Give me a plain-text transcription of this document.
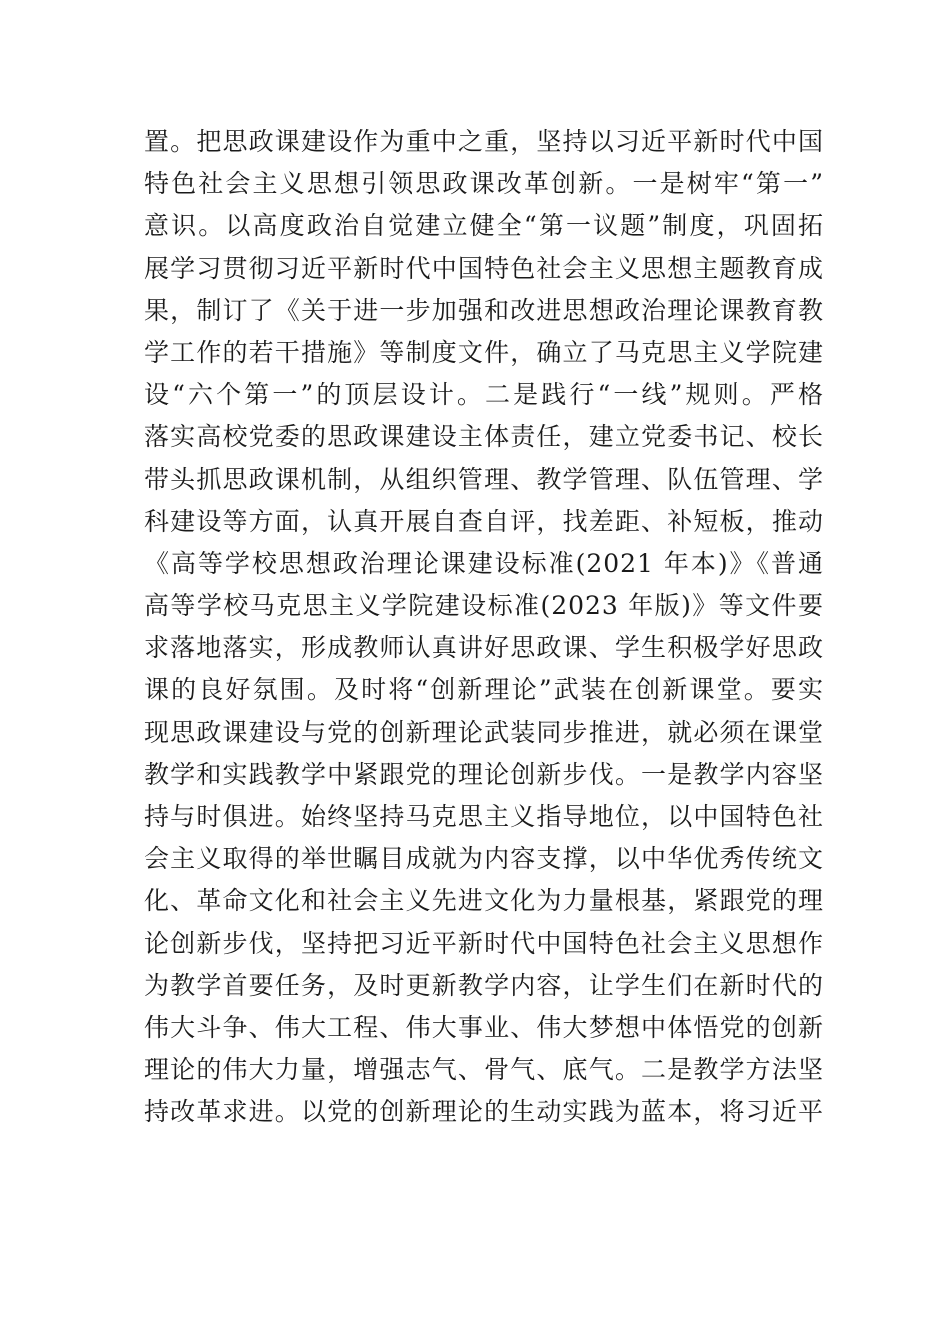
置。把思政课建设作为重中之重，坚持以习近平新时代中国
特色社会主义思想引领思政课改革创新。一是树牢“第一”
意识。以高度政治自觉建立健全“第一议题”制度，巩固拓
展学习贯彻习近平新时代中国特色社会主义思想主题教育成
果，制订了《关于进一步加强和改进思想政治理论课教育教
学工作的若干措施》等制度文件，确立了马克思主义学院建
设“六个第一”的顶层设计。二是践行“一线”规则。严格
落实高校党委的思政课建设主体责任，建立党委书记、校长
带头抓思政课机制，从组织管理、教学管理、队伍管理、学
科建设等方面，认真开展自查自评，找差距、补短板，推动
《高等学校思想政治理论课建设标准(2021 年本)》《普通
高等学校马克思主义学院建设标准(2023 年版)》等文件要
求落地落实，形成教师认真讲好思政课、学生积极学好思政
课的良好氛围。及时将“创新理论”武装在创新课堂。要实
现思政课建设与党的创新理论武装同步推进，就必须在课堂
教学和实践教学中紧跟党的理论创新步伐。一是教学内容坚
持与时俱进。始终坚持马克思主义指导地位，以中国特色社
会主义取得的举世瞩目成就为内容支撑，以中华优秀传统文
化、革命文化和社会主义先进文化为力量根基，紧跟党的理
论创新步伐，坚持把习近平新时代中国特色社会主义思想作
为教学首要任务，及时更新教学内容，让学生们在新时代的
伟大斗争、伟大工程、伟大事业、伟大梦想中体悟党的创新
理论的伟大力量，增强志气、骨气、底气。二是教学方法坚
持改革求进。以党的创新理论的生动实践为蓝本，将习近平
